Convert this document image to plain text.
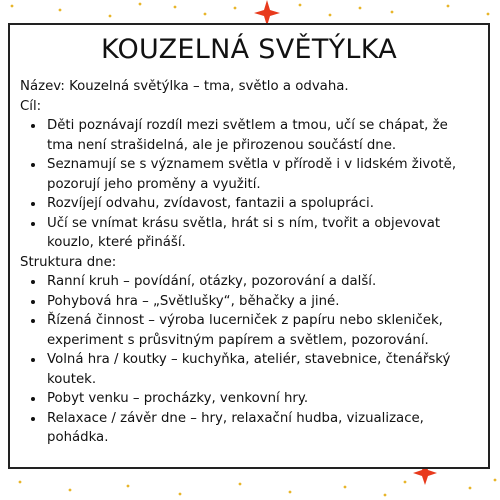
KOUZELNÁ SVĚTÝLKA

Název: Kouzelná světýlka – tma, světlo a odvaha.

Cíl:

• Děti poznávají rozdíl mezi světlem a tmou, učí se chápat, že tma není strašidelná, ale je přirozenou součástí dne.
• Seznamují se s významem světla v přírodě i v lidském životě, pozorují jeho proměny a využití.
• Rozvíjejí odvahu, zvídavost, fantazii a spolupráci.
• Učí se vnímat krásu světla, hrát si s ním, tvořit a objevovat kouzlo, které přináší.

Struktura dne:

• Ranní kruh – povídání, otázky, pozorování a další.
• Pohybová hra – „Světlušky“, běhačky a jiné.
• Řízená činnost – výroba lucerniček z papíru nebo skleniček, experiment s průsvitným papírem a světlem, pozorování.
• Volná hra / koutky – kuchyňka, ateliér, stavebnice, čtenářský koutek.
• Pobyt venku – procházky, venkovní hry.
• Relaxace / závěr dne – hry, relaxační hudba, vizualizace, pohádka.
